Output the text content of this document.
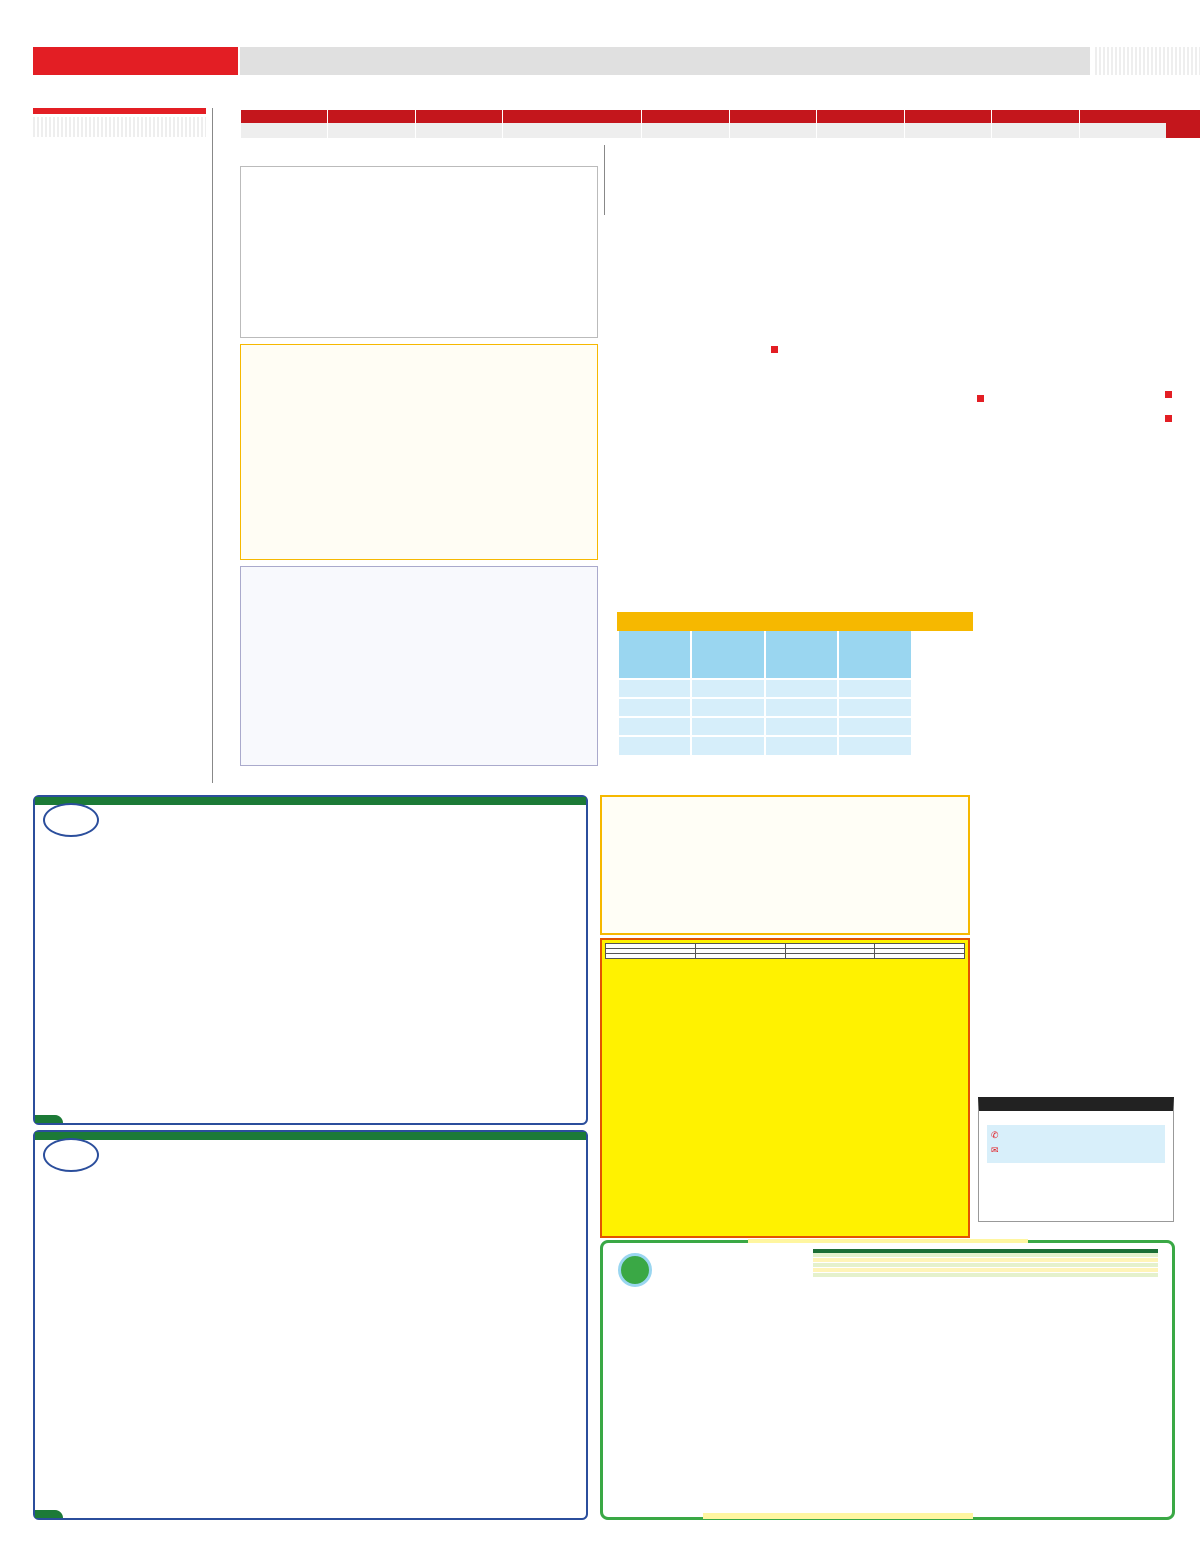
✆
✉
